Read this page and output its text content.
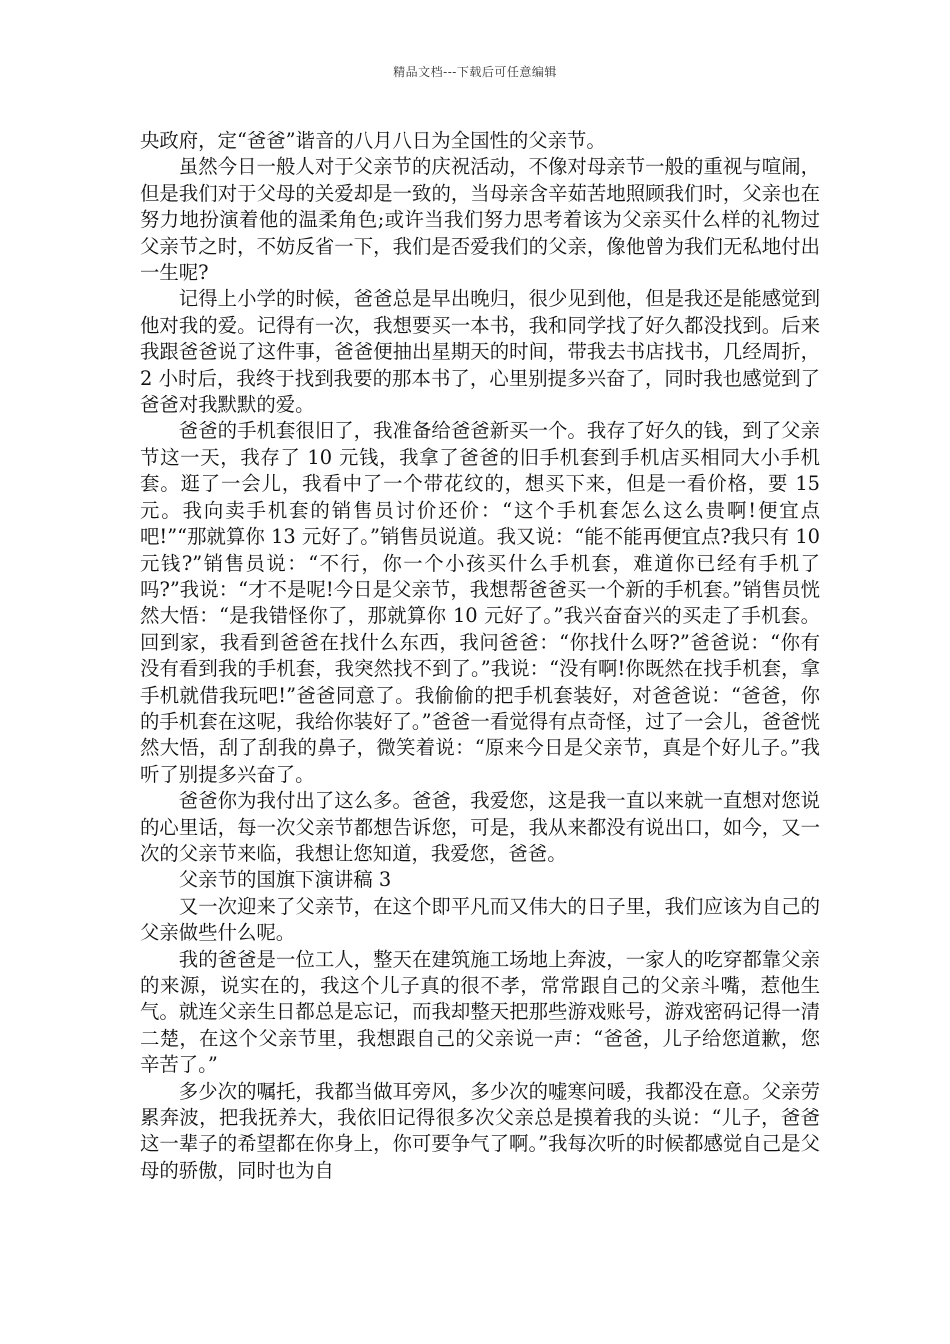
精品文档---下载后可任意编辑

央政府，定“爸爸”谐音的八月八日为全国性的父亲节。

虽然今日一般人对于父亲节的庆祝活动，不像对母亲节一般的重视与喧闹，但是我们对于父母的关爱却是一致的，当母亲含辛茹苦地照顾我们时，父亲也在努力地扮演着他的温柔角色;或许当我们努力思考着该为父亲买什么样的礼物过父亲节之时，不妨反省一下，我们是否爱我们的父亲，像他曾为我们无私地付出一生呢?

记得上小学的时候，爸爸总是早出晚归，很少见到他，但是我还是能感觉到他对我的爱。记得有一次，我想要买一本书，我和同学找了好久都没找到。后来我跟爸爸说了这件事，爸爸便抽出星期天的时间，带我去书店找书，几经周折，2 小时后，我终于找到我要的那本书了，心里别提多兴奋了，同时我也感觉到了爸爸对我默默的爱。

爸爸的手机套很旧了，我准备给爸爸新买一个。我存了好久的钱，到了父亲节这一天，我存了 10 元钱，我拿了爸爸的旧手机套到手机店买相同大小手机套。逛了一会儿，我看中了一个带花纹的，想买下来，但是一看价格，要 15 元。我向卖手机套的销售员讨价还价：“这个手机套怎么这么贵啊!便宜点吧!”“那就算你 13 元好了。”销售员说道。我又说：“能不能再便宜点?我只有 10 元钱?”销售员说：“不行，你一个小孩买什么手机套，难道你已经有手机了吗?”我说：“才不是呢!今日是父亲节，我想帮爸爸买一个新的手机套。”销售员恍然大悟：“是我错怪你了，那就算你 10 元好了。”我兴奋奋兴的买走了手机套。回到家，我看到爸爸在找什么东西，我问爸爸：“你找什么呀?”爸爸说：“你有没有看到我的手机套，我突然找不到了。”我说：“没有啊!你既然在找手机套，拿手机就借我玩吧!”爸爸同意了。我偷偷的把手机套装好，对爸爸说：“爸爸，你的手机套在这呢，我给你装好了。”爸爸一看觉得有点奇怪，过了一会儿，爸爸恍然大悟，刮了刮我的鼻子，微笑着说：“原来今日是父亲节，真是个好儿子。”我听了别提多兴奋了。

爸爸你为我付出了这么多。爸爸，我爱您，这是我一直以来就一直想对您说的心里话，每一次父亲节都想告诉您，可是，我从来都没有说出口，如今，又一次的父亲节来临，我想让您知道，我爱您，爸爸。

父亲节的国旗下演讲稿 3

又一次迎来了父亲节，在这个即平凡而又伟大的日子里，我们应该为自己的父亲做些什么呢。

我的爸爸是一位工人，整天在建筑施工场地上奔波，一家人的吃穿都靠父亲的来源，说实在的，我这个儿子真的很不孝，常常跟自己的父亲斗嘴，惹他生气。就连父亲生日都总是忘记，而我却整天把那些游戏账号，游戏密码记得一清二楚，在这个父亲节里，我想跟自己的父亲说一声：“爸爸，儿子给您道歉，您辛苦了。”

多少次的嘱托，我都当做耳旁风，多少次的嘘寒问暖，我都没在意。父亲劳累奔波，把我抚养大，我依旧记得很多次父亲总是摸着我的头说：“儿子，爸爸这一辈子的希望都在你身上，你可要争气了啊。”我每次听的时候都感觉自己是父母的骄傲，同时也为自
